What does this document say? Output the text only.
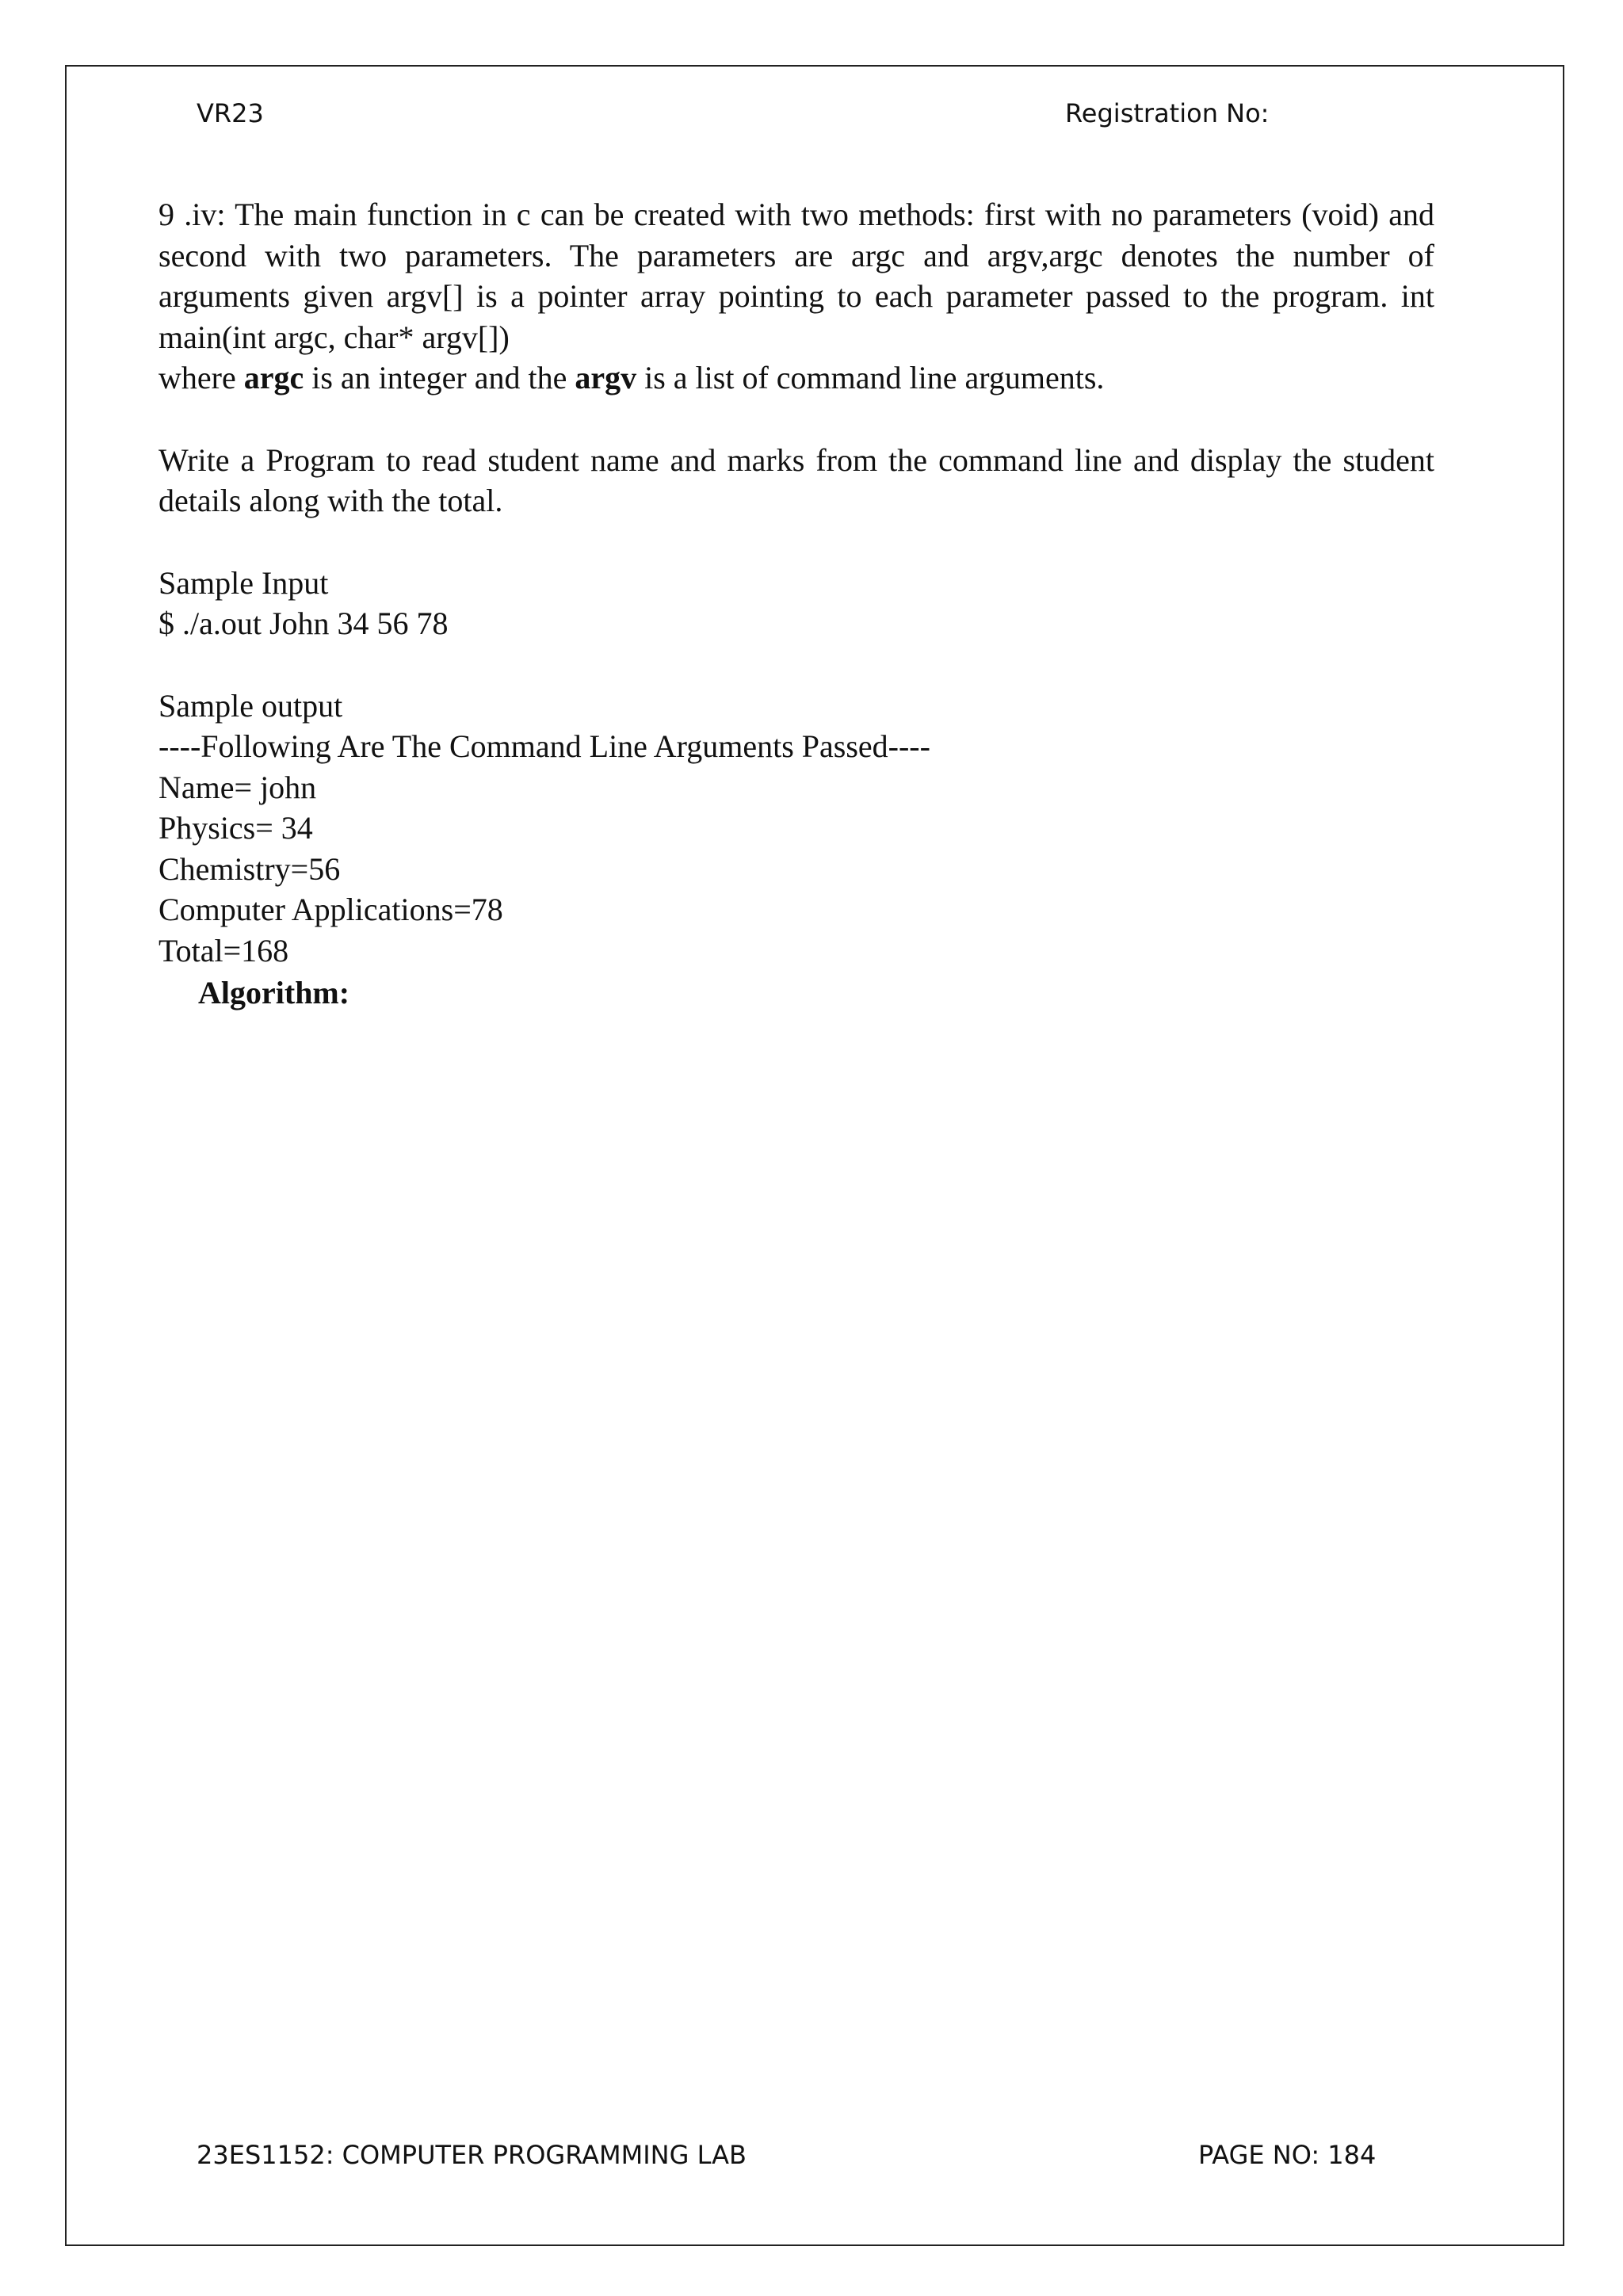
VR23	Registration No:

9 .iv: The main function in c can be created with two methods: first with no parameters (void) and second with two parameters. The parameters are argc and argv,argc denotes the number of arguments given argv[] is a pointer array pointing to each parameter passed to the program. int main(int argc, char* argv[])

where argc is an integer and the argv is a list of command line arguments.

Write a Program to read student name and marks from the command line and display the student details along with the total.

Sample Input
$ ./a.out John 34 56 78
Sample output
----Following Are The Command Line Arguments Passed----
Name= john
Physics= 34
Chemistry=56
Computer Applications=78
Total=168
Algorithm:
23ES1152: COMPUTER PROGRAMMING LAB	PAGE NO: 184
